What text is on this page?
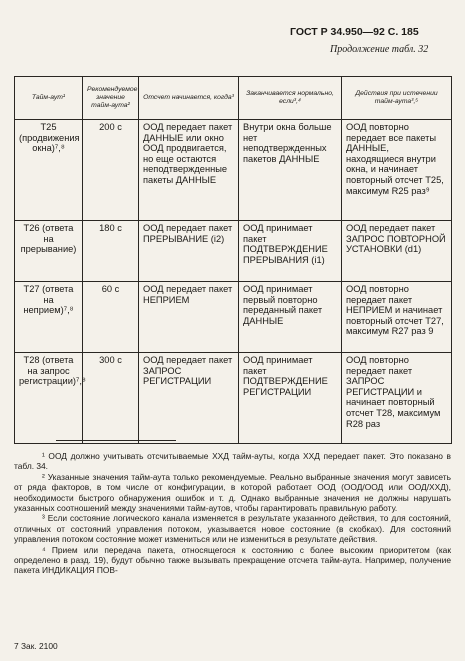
ГОСТ Р 34.950—92 С. 185
Продолжение табл. 32
Тайм-аут¹	Рекомендуемое значение тайм-аута²	Отсчет начинается, когда³	Заканчивается нормально, если³,⁴	Действия при истечении тайм-аута³,⁵
Т25 (продвижения окна)⁷,⁸	200 с	ООД передает пакет ДАННЫЕ или окно ООД продвигается, но еще остаются неподтвержденные пакеты ДАННЫЕ	Внутри окна больше нет неподтвержденных пакетов ДАННЫЕ	ООД повторно передает все пакеты ДАННЫЕ, находящиеся внутри окна, и начинает повторный отсчет Т25, максимум R25 раз⁹
Т26 (ответа на прерывание)	180 с	ООД передает пакет ПРЕРЫВАНИЕ (i2)	ООД принимает пакет ПОДТВЕРЖДЕНИЕ ПРЕРЫВАНИЯ (i1)	ООД передает пакет ЗАПРОС ПОВТОРНОЙ УСТАНОВКИ (d1)
Т27 (ответа на неприем)⁷,⁸	60 с	ООД передает пакет НЕПРИЕМ	ООД принимает первый повторно переданный пакет ДАННЫЕ	ООД повторно передает пакет НЕПРИЕМ и начинает повторный отсчет Т27, максимум R27 раз 9
Т28 (ответа на запрос регистрации)⁷,⁸	300 с	ООД передает пакет ЗАПРОС РЕГИСТРАЦИИ	ООД принимает пакет ПОДТВЕРЖДЕНИЕ РЕГИСТРАЦИИ	ООД повторно передает пакет ЗАПРОС РЕГИСТРАЦИИ и начинает повторный отсчет Т28, максимум R28 раз

¹ ООД должно учитывать отсчитываемые ХХД тайм-ауты, когда ХХД передает пакет. Это показано в табл. 34.

² Указанные значения тайм-аута только рекомендуемые. Реально выбранные значения могут зависеть от ряда факторов, в том числе от конфигурации, в которой работает ООД (ООД/ООД или ООД/ХХД), необходимости быстрого обнаружения ошибок и т. д. Однако выбранные значения не должны нарушать указанных соотношений между значениями тайм-аутов, чтобы гарантировать правильную работу.

³ Если состояние логического канала изменяется в результате указанного действия, то для состояний, отличных от состояний управления потоком, указывается новое состояние (в скобках). Для состояний управления потоком состояние может измениться или не измениться в результате действия.

⁴ Прием или передача пакета, относящегося к состоянию с более высоким приоритетом (как определено в разд. 19), будут обычно также вызывать прекращение отсчета тайм-аута. Например, получение пакета ИНДИКАЦИЯ ПОВ-

7 Зак. 2100
